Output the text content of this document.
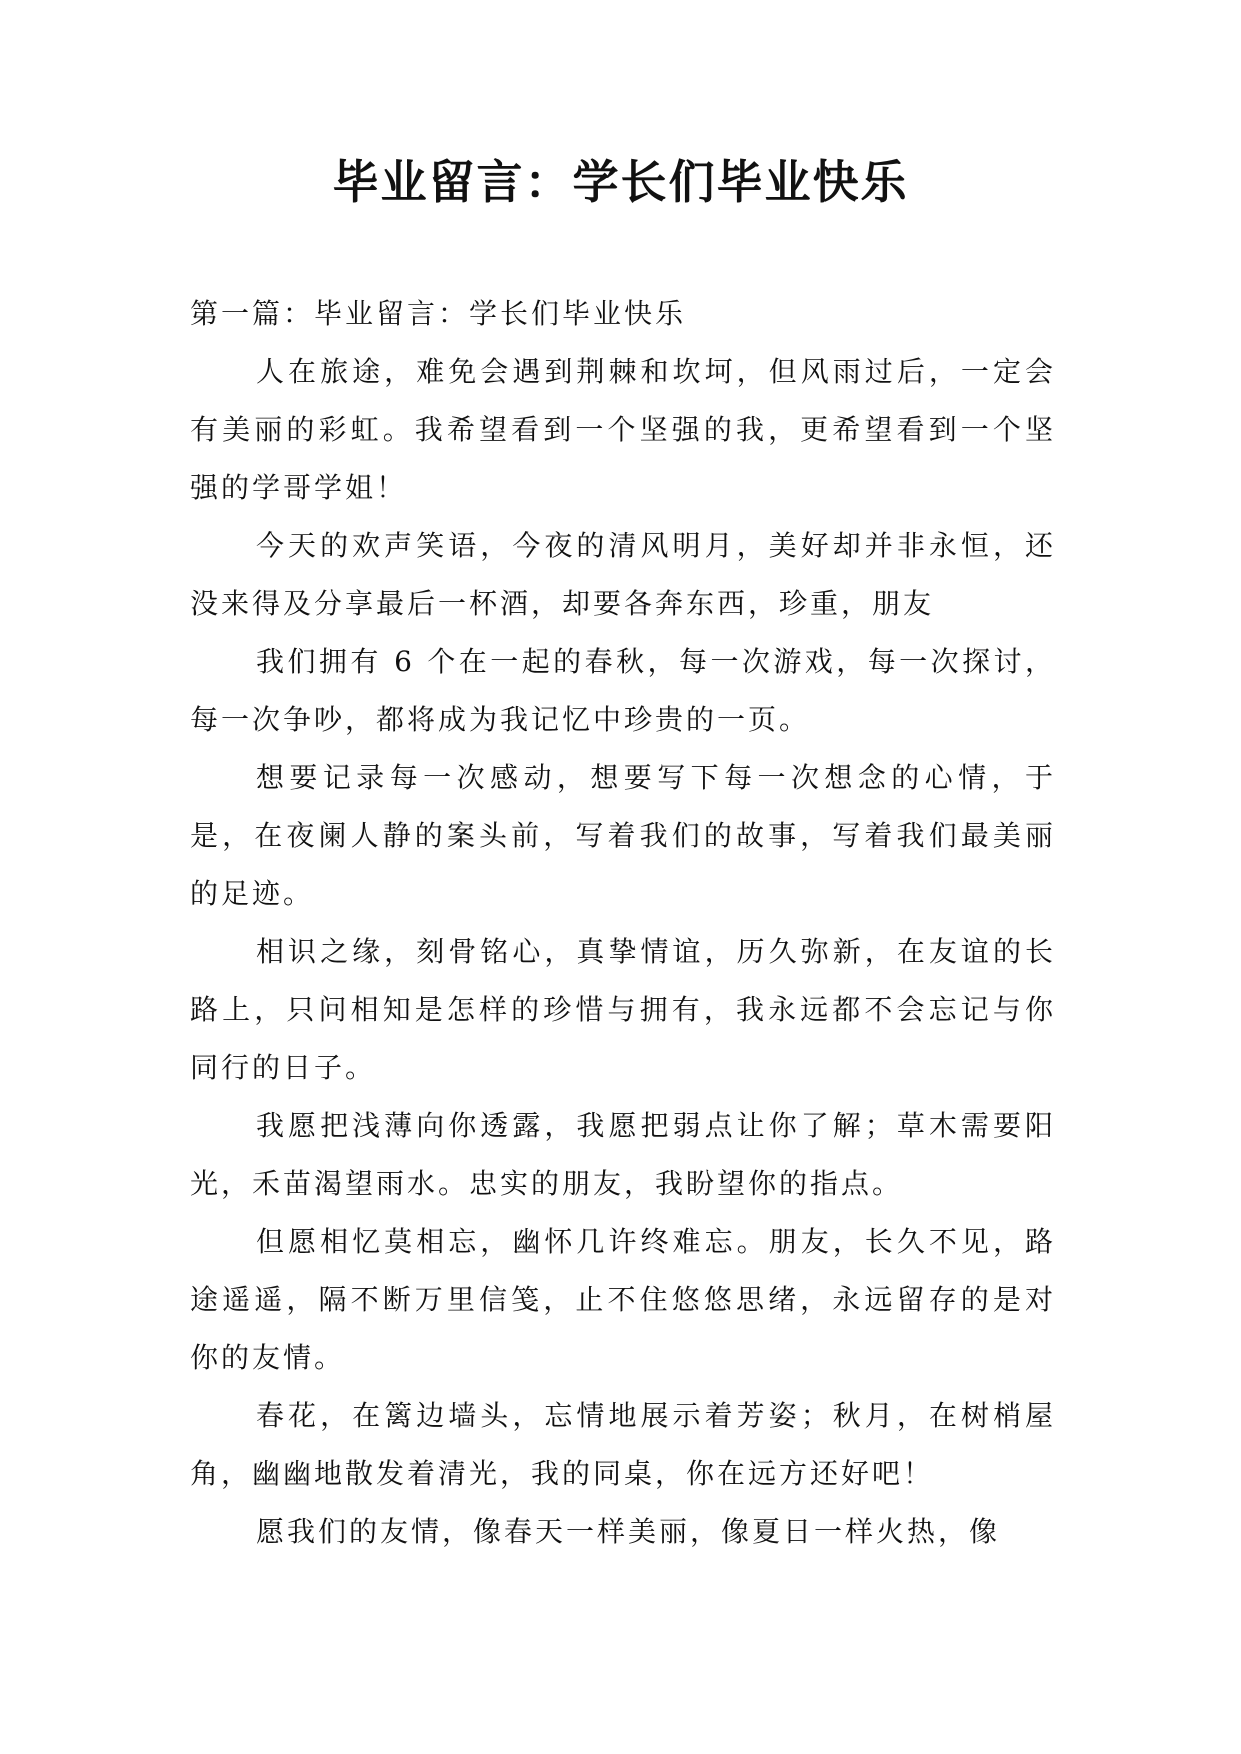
毕业留言：学长们毕业快乐
第一篇：毕业留言：学长们毕业快乐

人在旅途，难免会遇到荆棘和坎坷，但风雨过后，一定会有美丽的彩虹。我希望看到一个坚强的我，更希望看到一个坚强的学哥学姐！

今天的欢声笑语，今夜的清风明月，美好却并非永恒，还没来得及分享最后一杯酒，却要各奔东西，珍重，朋友

我们拥有 6 个在一起的春秋，每一次游戏，每一次探讨，每一次争吵，都将成为我记忆中珍贵的一页。

想要记录每一次感动，想要写下每一次想念的心情，于是，在夜阑人静的案头前，写着我们的故事，写着我们最美丽的足迹。

相识之缘，刻骨铭心，真挚情谊，历久弥新，在友谊的长路上，只问相知是怎样的珍惜与拥有，我永远都不会忘记与你同行的日子。

我愿把浅薄向你透露，我愿把弱点让你了解；草木需要阳光，禾苗渴望雨水。忠实的朋友，我盼望你的指点。

但愿相忆莫相忘，幽怀几许终难忘。朋友，长久不见，路途遥遥，隔不断万里信笺，止不住悠悠思绪，永远留存的是对你的友情。

春花，在篱边墙头，忘情地展示着芳姿；秋月，在树梢屋角，幽幽地散发着清光，我的同桌，你在远方还好吧！

愿我们的友情，像春天一样美丽，像夏日一样火热，像
